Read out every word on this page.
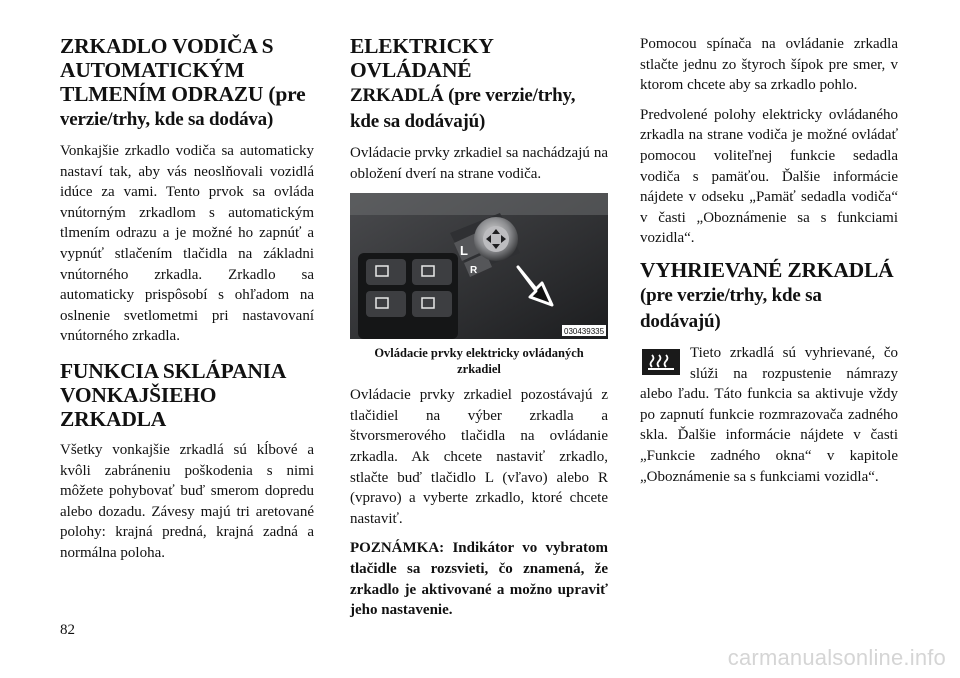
ZRKADLO VODIČA S
AUTOMATICKÝM
TLMENÍM ODRAZU (pre
verzie/trhy, kde sa dodáva)

Vonkajšie zrkadlo vodiča sa automaticky nastaví tak, aby vás neoslňovali vozidlá idúce za vami. Tento prvok sa ovláda vnútorným zrkadlom s automatickým tlmením odrazu a je možné ho zapnúť a vypnúť stlačením tlačidla na základni vnútorného zrkadla. Zrkadlo sa automaticky prispôsobí s ohľadom na oslnenie svetlometmi pri nastavovaní vnútorného zrkadla.

FUNKCIA SKLÁPANIA
VONKAJŠIEHO ZRKADLA

Všetky vonkajšie zrkadlá sú kĺbové a kvôli zabráneniu poškodenia s nimi môžete pohybovať buď smerom dopredu alebo dozadu. Závesy majú tri aretované polohy: krajná predná, krajná zadná a normálna poloha.

ELEKTRICKY OVLÁDANÉ
ZRKADLÁ (pre verzie/trhy,
kde sa dodávajú)

Ovládacie prvky zrkadiel sa nachádzajú na obložení dverí na strane vodiča.

L
R
030439335
Ovládacie prvky elektricky ovládaných
zrkadiel

Ovládacie prvky zrkadiel pozostávajú z tlačidiel na výber zrkadla a štvorsmerového tlačidla na ovládanie zrkadla. Ak chcete nastaviť zrkadlo, stlačte buď tlačidlo L (vľavo) alebo R (vpravo) a vyberte zrkadlo, ktoré chcete nastaviť.

POZNÁMKA: Indikátor vo vybratom tlačidle sa rozsvieti, čo znamená, že zrkadlo je aktivované a možno upraviť jeho nastavenie.

Pomocou spínača na ovládanie zrkadla stlačte jednu zo štyroch šípok pre smer, v ktorom chcete aby sa zrkadlo pohlo.

Predvolené polohy elektricky ovládaného zrkadla na strane vodiča je možné ovládať pomocou voliteľnej funkcie sedadla vodiča s pamäťou. Ďalšie informácie nájdete v odseku „Pamäť sedadla vodiča“ v časti „Oboznámenie sa s funkciami vozidla“.

VYHRIEVANÉ ZRKADLÁ
(pre verzie/trhy, kde sa
dodávajú)

Tieto zrkadlá sú vyhrievané, čo slúži na rozpustenie námrazy alebo ľadu. Táto funkcia sa aktivuje vždy po zapnutí funkcie rozmrazovača zadného skla. Ďalšie informácie nájdete v časti „Funkcie zadného okna“ v kapitole „Oboznámenie sa s funkciami vozidla“.

82
carmanualsonline.info
